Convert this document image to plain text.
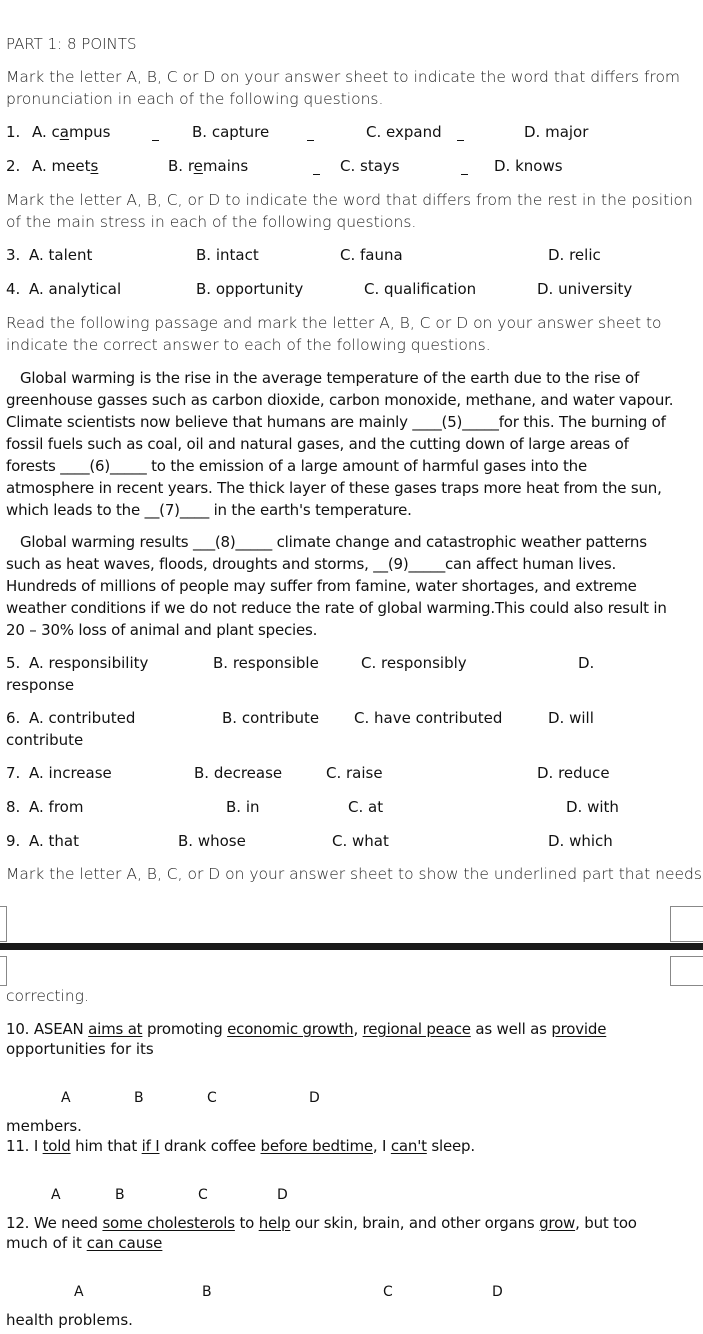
PART 1: 8 POINTS
Mark the letter A, B, C or D on your answer sheet to indicate the word that differs from
pronunciation in each of the following questions.
1. A. campus	B. capture	C. expand	D. major
2. A. meets	B. remains	C. stays	D. knows
Mark the letter A, B, C, or D to indicate the word that differs from the rest in the position
of the main stress in each of the following questions.
3. A. talent	B. intact	C. fauna	D. relic
4. A. analytical	B. opportunity	C. qualification	D. university
Read the following passage and mark the letter A, B, C or D on your answer sheet to
indicate the correct answer to each of the following questions.
Global warming is the rise in the average temperature of the earth due to the rise of
greenhouse gasses such as carbon dioxide, carbon monoxide, methane, and water vapour.
Climate scientists now believe that humans are mainly ____(5)_____for this. The burning of
fossil fuels such as coal, oil and natural gases, and the cutting down of large areas of
forests ____(6)_____ to the emission of a large amount of harmful gases into the
atmosphere in recent years. The thick layer of these gases traps more heat from the sun,
which leads to the __(7)____ in the earth's temperature.
Global warming results ___(8)_____ climate change and catastrophic weather patterns
such as heat waves, floods, droughts and storms, __(9)_____can affect human lives.
Hundreds of millions of people may suffer from famine, water shortages, and extreme
weather conditions if we do not reduce the rate of global warming.This could also result in
20 – 30% loss of animal and plant species.
5. A. responsibility	B. responsible	C. responsibly	D.
response
6. A. contributed	B. contribute C. have contributed	D. will
contribute
7. A. increase	B. decrease	C. raise	D. reduce
8. A. from	B. in	C. at	D. with
9. A. that	B. whose	C. what	D. which
Mark the letter A, B, C, or D on your answer sheet to show the underlined part that needs
correcting.
10. ASEAN aims at promoting economic growth, regional peace as well as provide
opportunities for its
A	B	C	D
members.
11. I told him that if I drank coffee before bedtime, I can't sleep.
A	B	C	D
12. We need some cholesterols to help our skin, brain, and other organs grow, but too
much of it can cause
A	B	C	D
health problems.
